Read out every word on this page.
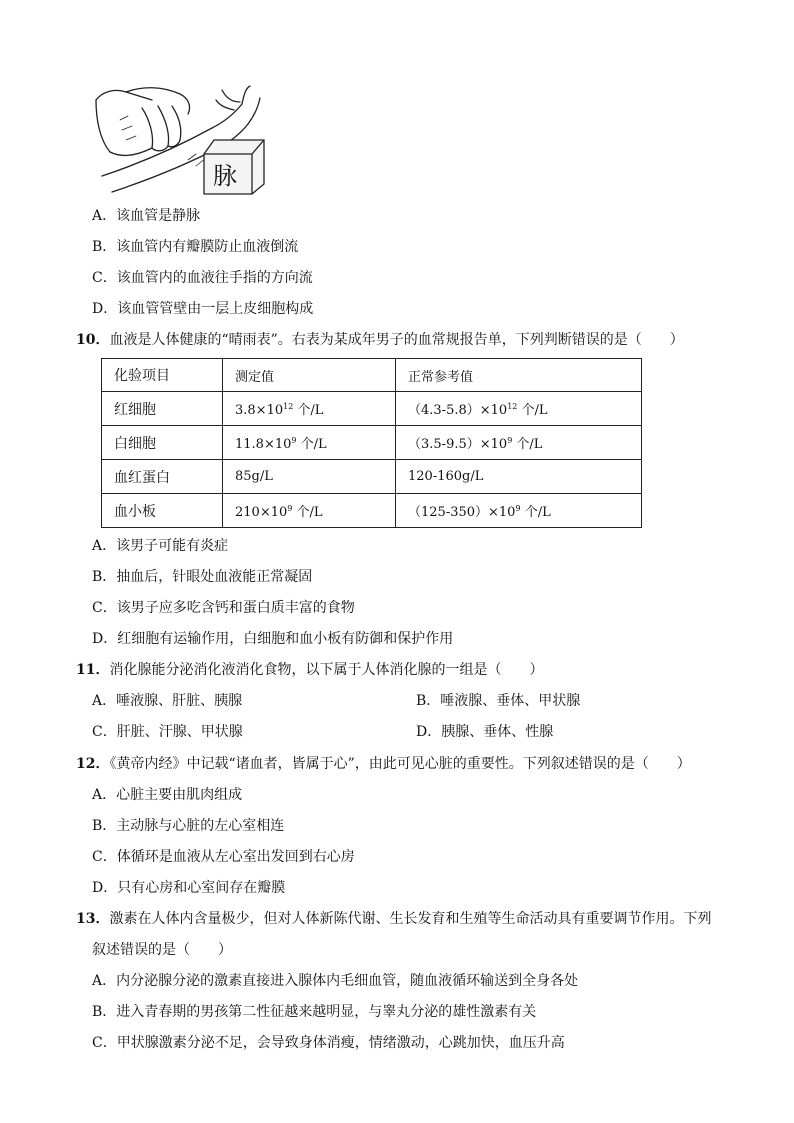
脉
A．该血管是静脉
B．该血管内有瓣膜防止血液倒流
C．该血管内的血液往手指的方向流
D．该血管管壁由一层上皮细胞构成
10．血液是人体健康的“晴雨表”。右表为某成年男子的血常规报告单，下列判断错误的是（　　）
化验项目	测定值	正常参考值
红细胞	$3.8\times 10^{12}$ 个/L	$(4.3-5.8)\times 10^{12}$ 个/L
白细胞	$11.8\times 10^9$ 个/L	$(3.5-9.5)\times 10^9$ 个/L
血红蛋白	85g/L	120-160g/L
血小板	$210\times 10^9$ 个/L	$(125-350)\times 10^9$ 个/L
A．该男子可能有炎症
B．抽血后，针眼处血液能正常凝固
C．该男子应多吃含钙和蛋白质丰富的食物
D．红细胞有运输作用，白细胞和血小板有防御和保护作用
11．消化腺能分泌消化液消化食物，以下属于人体消化腺的一组是（　　）
A．唾液腺、肝脏、胰腺	B．唾液腺、垂体、甲状腺
C．肝脏、汗腺、甲状腺	D．胰腺、垂体、性腺
12．《黄帝内经》中记载“诸血者，皆属于心”，由此可见心脏的重要性。下列叙述错误的是（　　）
A．心脏主要由肌肉组成
B．主动脉与心脏的左心室相连
C．体循环是血液从左心室出发回到右心房
D．只有心房和心室间存在瓣膜
13．激素在人体内含量极少，但对人体新陈代谢、生长发育和生殖等生命活动具有重要调节作用。下列
叙述错误的是（　　）
A．内分泌腺分泌的激素直接进入腺体内毛细血管，随血液循环输送到全身各处
B．进入青春期的男孩第二性征越来越明显，与睾丸分泌的雄性激素有关
C．甲状腺激素分泌不足，会导致身体消瘦，情绪激动，心跳加快，血压升高
